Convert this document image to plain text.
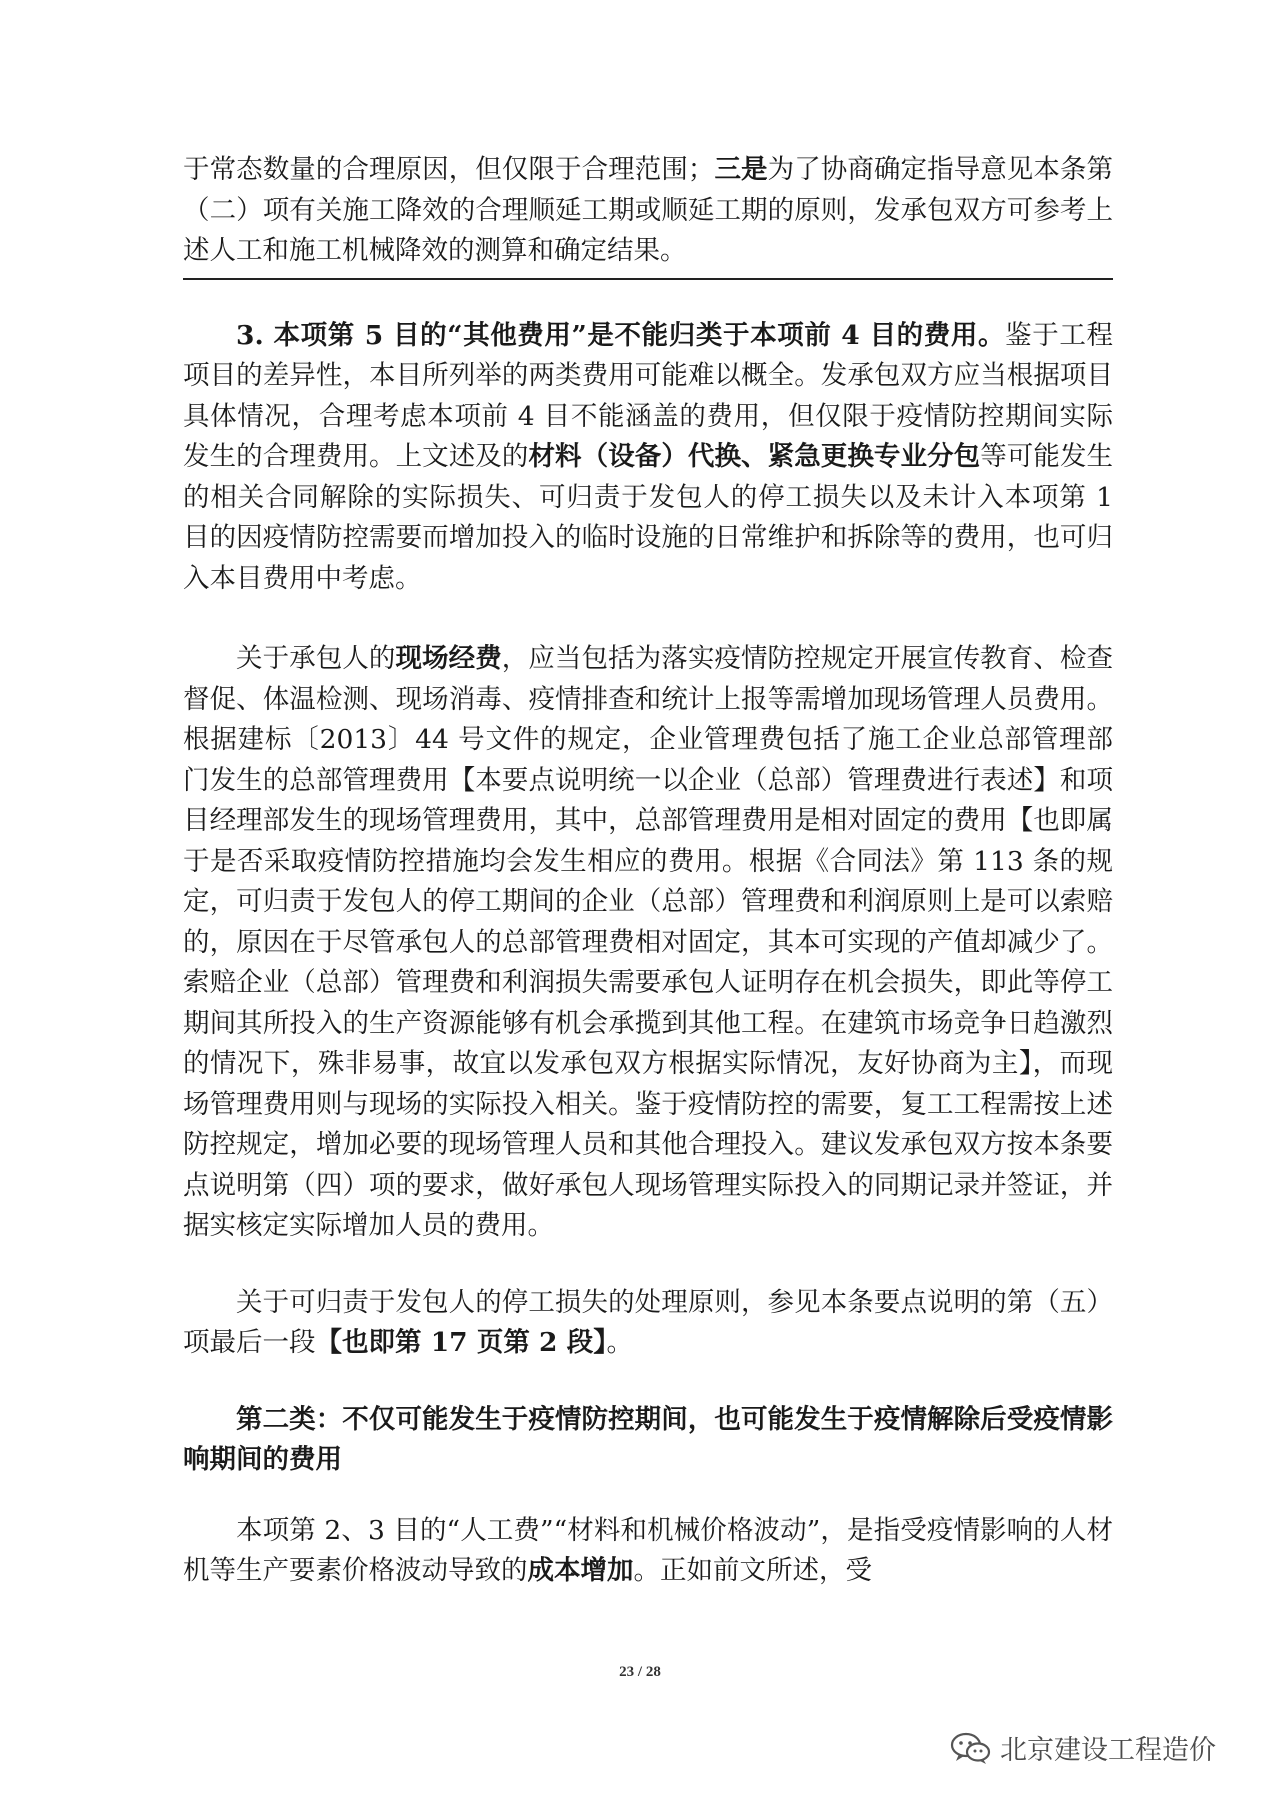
于常态数量的合理原因，但仅限于合理范围；三是为了协商确定指导意见本条第（二）项有关施工降效的合理顺延工期或顺延工期的原则，发承包双方可参考上述人工和施工机械降效的测算和确定结果。

3. 本项第 5 目的“其他费用”是不能归类于本项前 4 目的费用。鉴于工程项目的差异性，本目所列举的两类费用可能难以概全。发承包双方应当根据项目具体情况，合理考虑本项前 4 目不能涵盖的费用，但仅限于疫情防控期间实际发生的合理费用。上文述及的材料（设备）代换、紧急更换专业分包等可能发生的相关合同解除的实际损失、可归责于发包人的停工损失以及未计入本项第 1 目的因疫情防控需要而增加投入的临时设施的日常维护和拆除等的费用，也可归入本目费用中考虑。

关于承包人的现场经费，应当包括为落实疫情防控规定开展宣传教育、检查督促、体温检测、现场消毒、疫情排查和统计上报等需增加现场管理人员费用。根据建标〔2013〕44 号文件的规定，企业管理费包括了施工企业总部管理部门发生的总部管理费用【本要点说明统一以企业（总部）管理费进行表述】和项目经理部发生的现场管理费用，其中，总部管理费用是相对固定的费用【也即属于是否采取疫情防控措施均会发生相应的费用。根据《合同法》第 113 条的规定，可归责于发包人的停工期间的企业（总部）管理费和利润原则上是可以索赔的，原因在于尽管承包人的总部管理费相对固定，其本可实现的产值却减少了。索赔企业（总部）管理费和利润损失需要承包人证明存在机会损失，即此等停工期间其所投入的生产资源能够有机会承揽到其他工程。在建筑市场竞争日趋激烈的情况下，殊非易事，故宜以发承包双方根据实际情况，友好协商为主】，而现场管理费用则与现场的实际投入相关。鉴于疫情防控的需要，复工工程需按上述防控规定，增加必要的现场管理人员和其他合理投入。建议发承包双方按本条要点说明第（四）项的要求，做好承包人现场管理实际投入的同期记录并签证，并据实核定实际增加人员的费用。

关于可归责于发包人的停工损失的处理原则，参见本条要点说明的第（五）项最后一段【也即第 17 页第 2 段】。

第二类：不仅可能发生于疫情防控期间，也可能发生于疫情解除后受疫情影响期间的费用

本项第 2、3 目的“人工费”“材料和机械价格波动”，是指受疫情影响的人材机等生产要素价格波动导致的成本增加。正如前文所述，受

23 / 28
北京建设工程造价
